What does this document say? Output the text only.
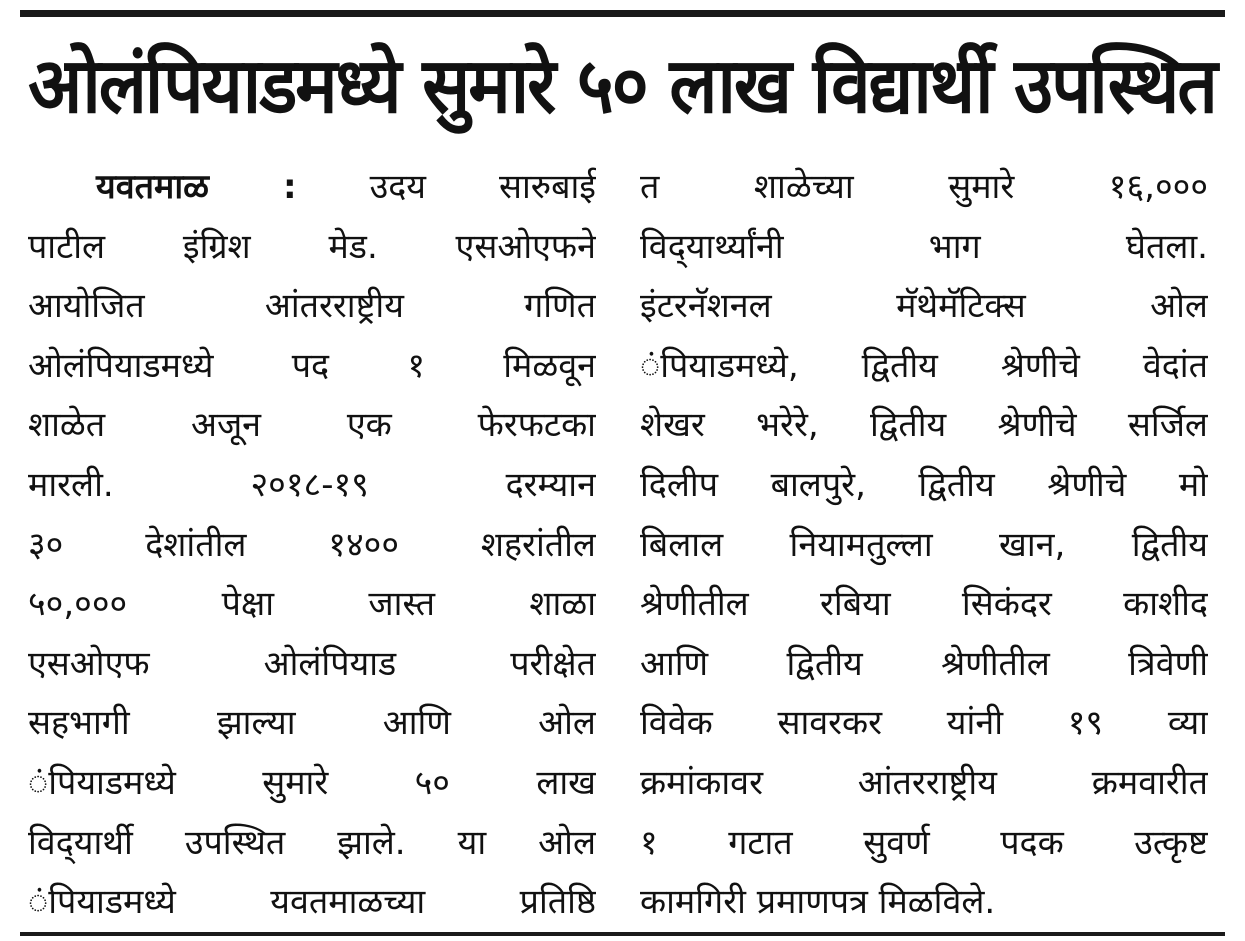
ओलंपियाडमध्ये सुमारे ५० लाख विद्यार्थी उपस्थित
यवतमाळ : उदय सारुबाई
पाटील इंग्रिश मेड. एसओएफने
आयोजित आंतरराष्ट्रीय गणित
ओलंपियाडमध्ये पद १ मिळवून
शाळेत अजून एक फेरफटका
मारली. २०१८-१९ दरम्यान
३० देशांतील १४०० शहरांतील
५०,००० पेक्षा जास्त शाळा
एसओएफ ओलंपियाड परीक्षेत
सहभागी झाल्या आणि ओल
ंपियाडमध्ये सुमारे ५० लाख
विद्‌यार्थी उपस्थित झाले. या ओल
ंपियाडमध्ये यवतमाळच्या प्रतिष्ठि
त शाळेच्या सुमारे १६,०००
विद्‌यार्थ्यांनी भाग घेतला.
इंटरनॅशनल मॅथेमॅटिक्स ओल
ंपियाडमध्ये, द्वितीय श्रेणीचे वेदांत
शेखर भरेरे, द्वितीय श्रेणीचे सर्जिल
दिलीप बालपुरे, द्वितीय श्रेणीचे मो
बिलाल नियामतुल्ला खान, द्वितीय
श्रेणीतील रबिया सिकंदर काशीद
आणि द्वितीय श्रेणीतील त्रिवेणी
विवेक सावरकर यांनी १९ व्या
क्रमांकावर आंतरराष्ट्रीय क्रमवारीत
१ गटात सुवर्ण पदक उत्कृष्ट
कामगिरी प्रमाणपत्र मिळविले.
